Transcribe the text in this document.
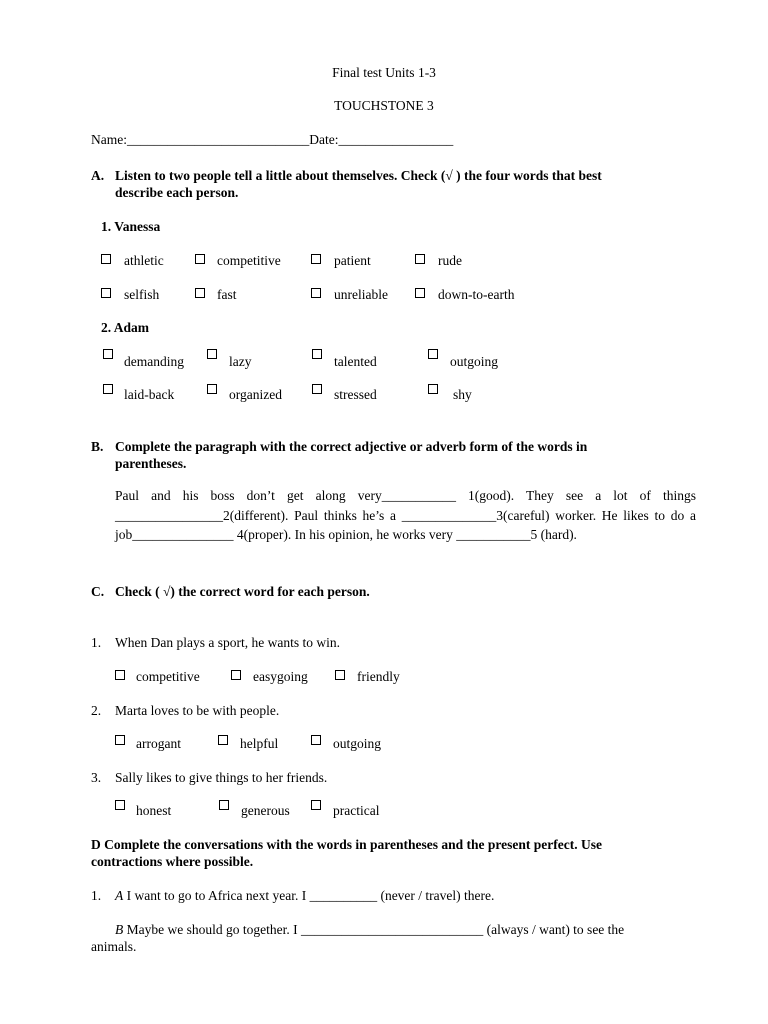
Final test Units 1-3
TOUCHSTONE 3
Name:___________________________Date:_________________
A. Listen to two people tell a little about themselves. Check (√ ) the four words that best
describe each person.
1. Vanessa
athletic	competitive	patient	rude
selfish	fast	unreliable	down-to-earth
2. Adam
demanding	lazy	talented	outgoing
laid-back	organized	stressed	shy
B. Complete the paragraph with the correct adjective or adverb form of the words in
parentheses.
Paul and his boss don’t get along very___________ 1(good). They see a lot of things ________________2(different). Paul thinks he’s a ______________3(careful) worker. He likes to do a job_______________ 4(proper). In his opinion, he works very ___________5 (hard).
C. Check ( √) the correct word for each person.
1. When Dan plays a sport, he wants to win.
competitive	easygoing	friendly
2. Marta loves to be with people.
arrogant	helpful	outgoing
3. Sally likes to give things to her friends.
honest	generous	practical
D Complete the conversations with the words in parentheses and the present perfect. Use
contractions where possible.
1. A I want to go to Africa next year. I __________ (never / travel) there.
B Maybe we should go together. I ___________________________ (always / want) to see the
animals.
